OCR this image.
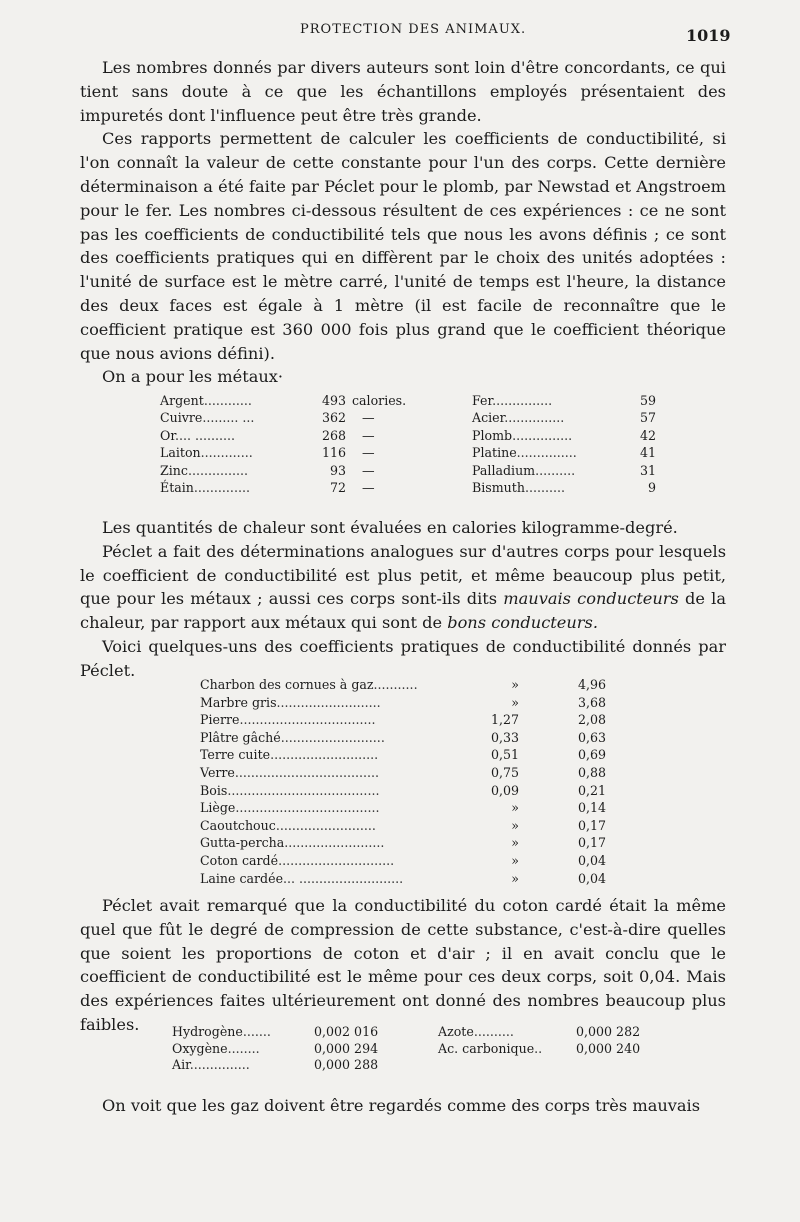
PROTECTION DES ANIMAUX.	1019

Les nombres donnés par divers auteurs sont loin d'être concordants, ce qui tient sans doute à ce que les échantillons employés présentaient des impuretés dont l'influence peut être très grande.

Ces rapports permettent de calculer les coefficients de conductibilité, si l'on connaît la valeur de cette constante pour l'un des corps. Cette dernière déterminaison a été faite par Péclet pour le plomb, par Newstad et Angstroem pour le fer. Les nombres ci-dessous résultent de ces expériences : ce ne sont pas les coefficients de conductibilité tels que nous les avons définis ; ce sont des coefficients pratiques qui en diffèrent par le choix des unités adoptées : l'unité de surface est le mètre carré, l'unité de temps est l'heure, la distance des deux faces est égale à 1 mètre (il est facile de reconnaître que le coefficient pratique est 360 000 fois plus grand que le coefficient théorique que nous avions défini).

On a pour les métaux·

Argent............	493 calories.
Cuivre......... ...	362 —
Or.... ..........	268 —
Laiton.............	116 —
Zinc...............	93 —
Étain..............	72 —
Fer...............	59
Acier...............	57
Plomb...............	42
Platine...............	41
Palladium..........	31
Bismuth..........	9

Les quantités de chaleur sont évaluées en calories kilogramme-degré.

Péclet a fait des déterminations analogues sur d'autres corps pour lesquels le coefficient de conductibilité est plus petit, et même beaucoup plus petit, que pour les métaux ; aussi ces corps sont-ils dits mauvais conducteurs de la chaleur, par rapport aux métaux qui sont de bons conducteurs.

Voici quelques-uns des coefficients pratiques de conductibilité donnés par Péclet.

Charbon des cornues à gaz...........	»	4,96
Marbre gris..........................	»	3,68
Pierre..................................	1,27	2,08
Plâtre gâché..........................	0,33	0,63
Terre cuite...........................	0,51	0,69
Verre....................................	0,75	0,88
Bois......................................	0,09	0,21
Liège....................................	»	0,14
Caoutchouc.........................	»	0,17
Gutta-percha.........................	»	0,17
Coton cardé.............................	»	0,04
Laine cardée... ..........................	»	0,04

Péclet avait remarqué que la conductibilité du coton cardé était la même quel que fût le degré de compression de cette substance, c'est-à-dire quelles que soient les proportions de coton et d'air ; il en avait conclu que le coefficient de conductibilité est le même pour ces deux corps, soit 0,04. Mais des expériences faites ultérieurement ont donné des nombres beaucoup plus faibles.	Hydrogène.......	0,002 016	Azote..........	0,000 282
Oxygène........	0,000 294	Ac. carbonique..	0,000 240
Air...............	0,000 288

On voit que les gaz doivent être regardés comme des corps très mauvais
